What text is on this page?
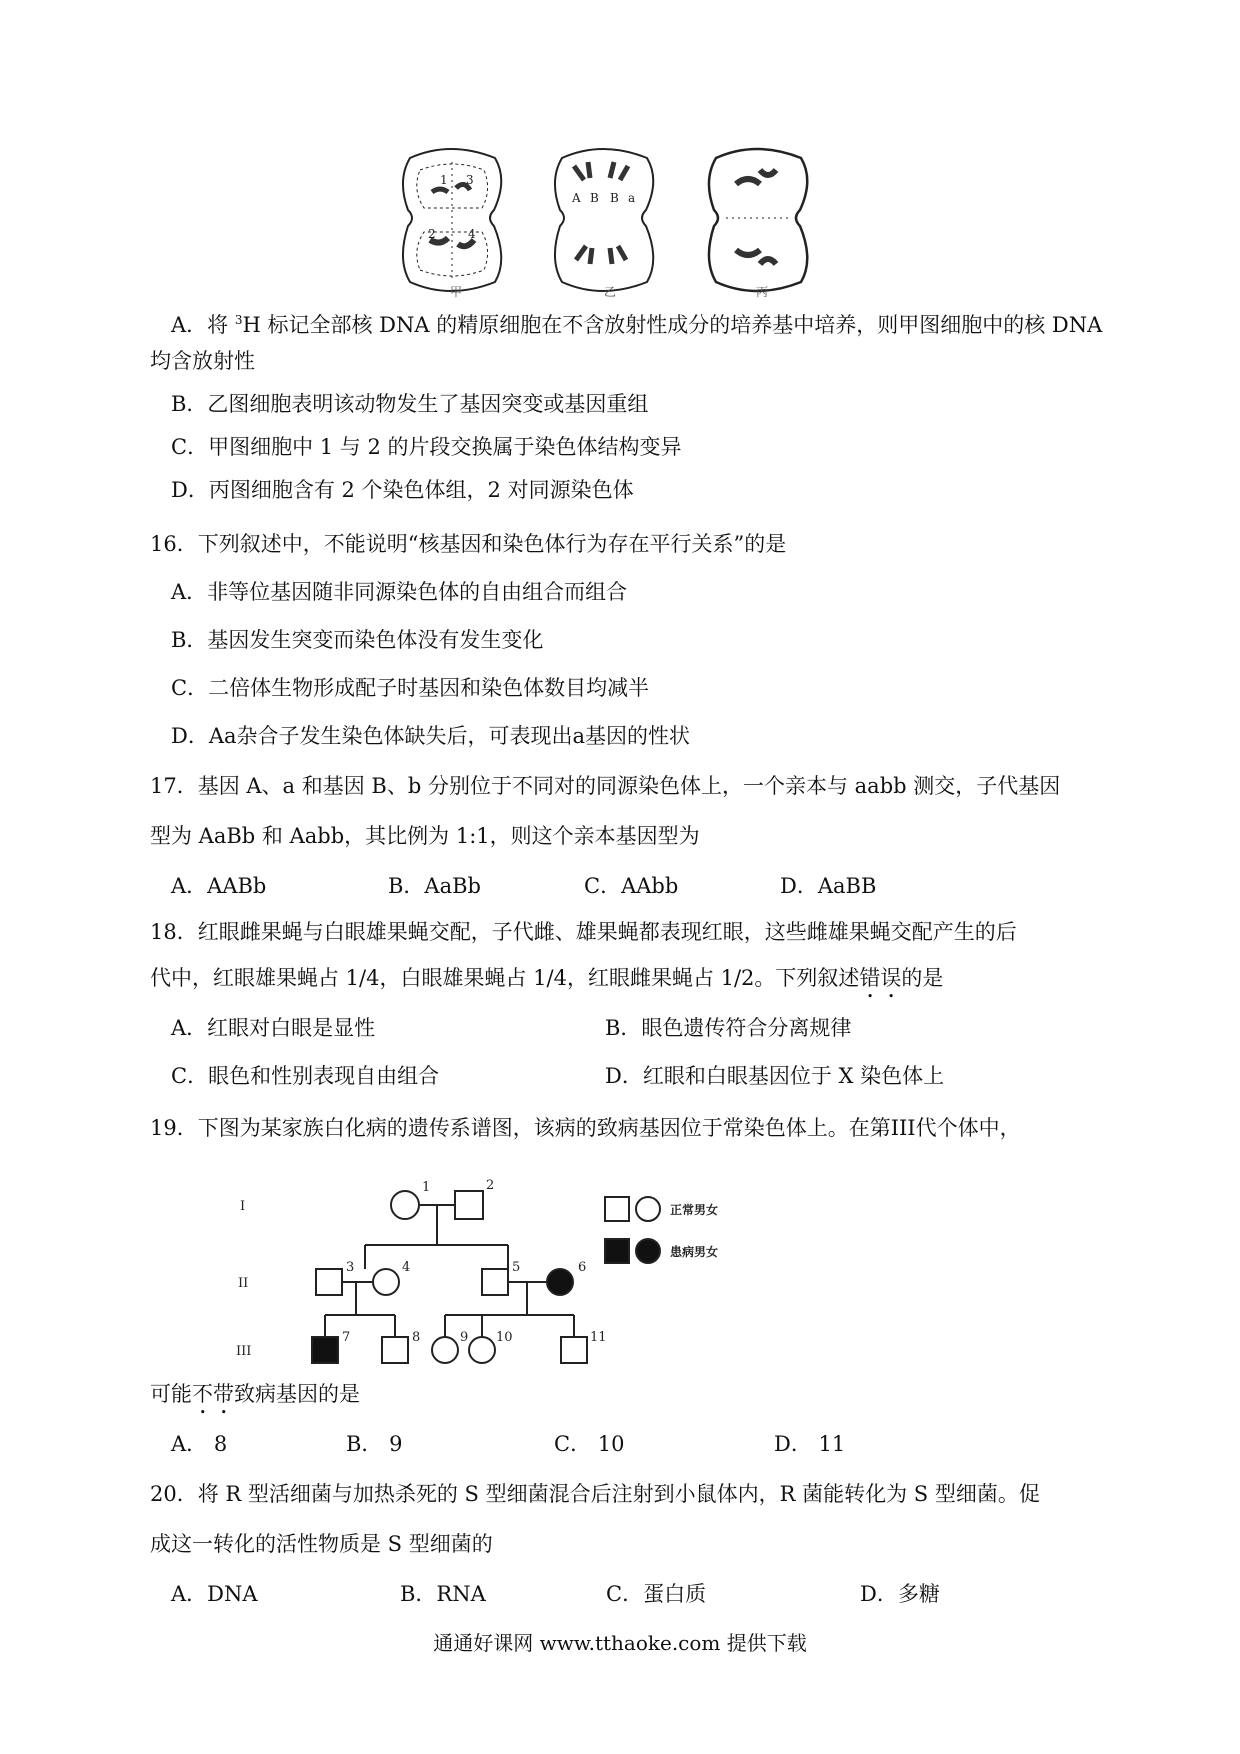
1
2
3
4
A B B a
甲	乙	丙
A．将 $^3$H 标记全部核 DNA 的精原细胞在不含放射性成分的培养基中培养，则甲图细胞中的核 DNA
均含放射性
B．乙图细胞表明该动物发生了基因突变或基因重组
C．甲图细胞中 1 与 2 的片段交换属于染色体结构变异
D．丙图细胞含有 2 个染色体组，2 对同源染色体
16．下列叙述中，不能说明“核基因和染色体行为存在平行关系”的是
A．非等位基因随非同源染色体的自由组合而组合
B．基因发生突变而染色体没有发生变化
C．二倍体生物形成配子时基因和染色体数目均减半
D．Aa杂合子发生染色体缺失后，可表现出a基因的性状
17．基因 A、a 和基因 B、b 分别位于不同对的同源染色体上，一个亲本与 aabb 测交，子代基因
型为 AaBb 和 Aabb，其比例为 1:1，则这个亲本基因型为
A．AABb	B．AaBb	C．AAbb	D．AaBB
18．红眼雌果蝇与白眼雄果蝇交配，子代雌、雄果蝇都表现红眼，这些雌雄果蝇交配产生的后
代中，红眼雄果蝇占 1/4，白眼雄果蝇占 1/4，红眼雌果蝇占 1/2。下列叙述错误的是
A．红眼对白眼是显性	B．眼色遗传符合分离规律
C．眼色和性别表现自由组合	D．红眼和白眼基因位于 X 染色体上
19．下图为某家族白化病的遗传系谱图，该病的致病基因位于常染色体上。在第III代个体中，
I
II
III
1	2
3	4	5	6
7	8	9 10	11
正常男女
患病男女
可能不带致病基因的是
A． 8	B． 9	C． 10	D． 11
20．将 R 型活细菌与加热杀死的 S 型细菌混合后注射到小鼠体内，R 菌能转化为 S 型细菌。促
成这一转化的活性物质是 S 型细菌的
A．DNA	B．RNA	C．蛋白质	D．多糖
通通好课网 www.tthaoke.com 提供下载
